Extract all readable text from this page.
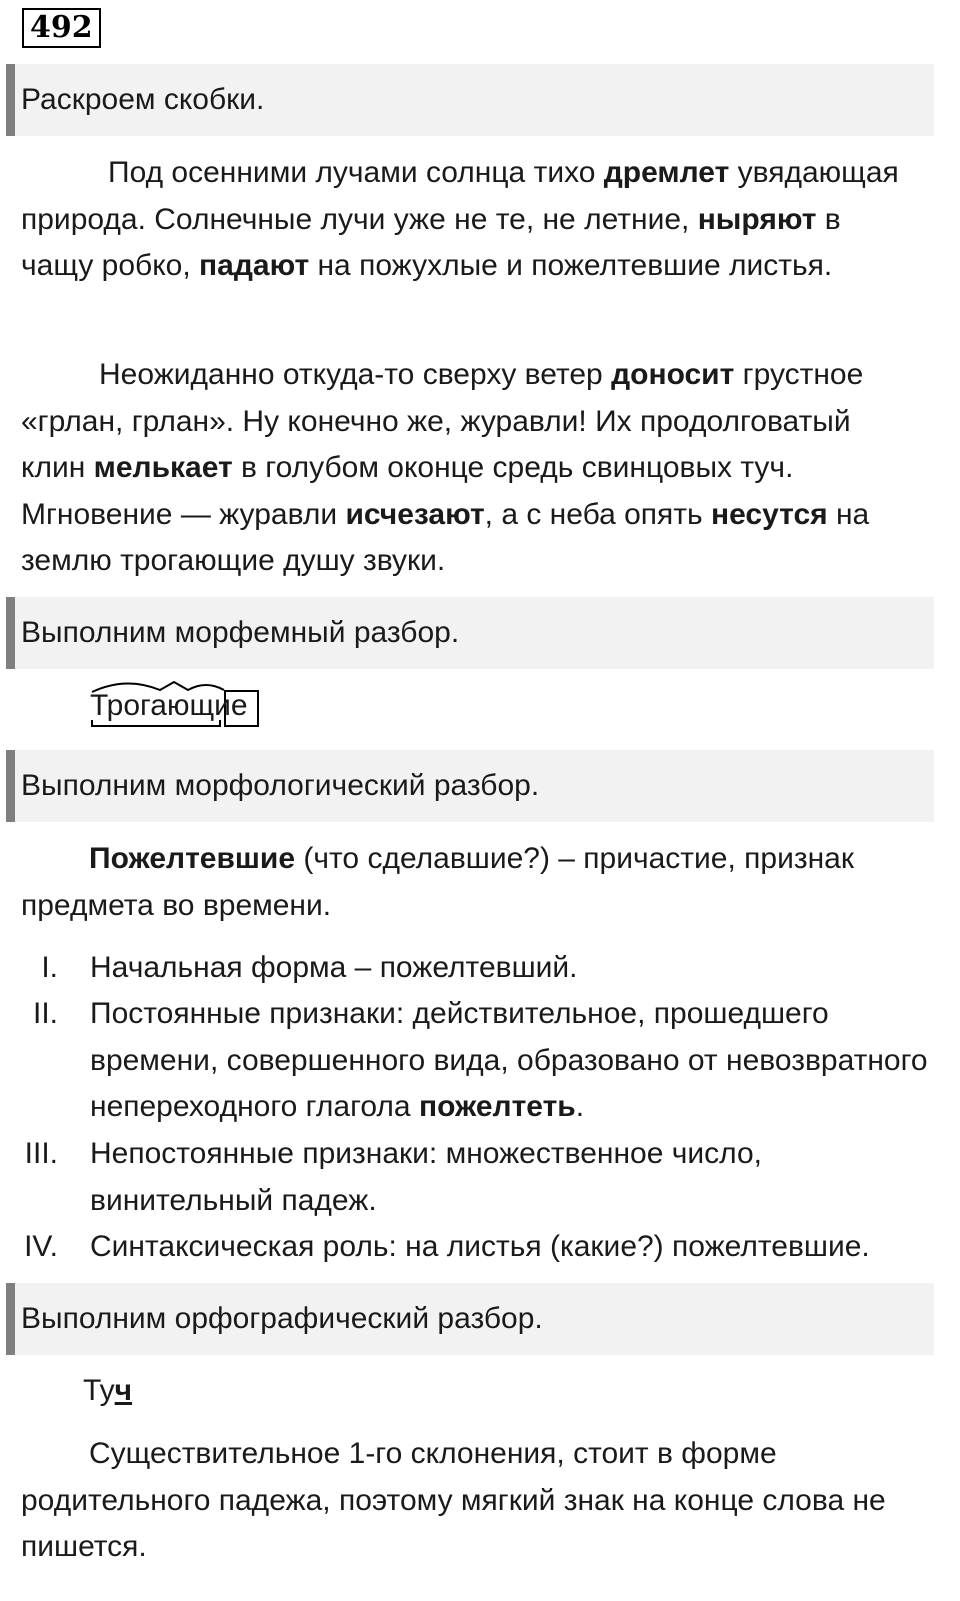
492
Раскроем скобки.

Под осенними лучами солнца тихо дремлет увядающая природа. Солнечные лучи уже не те, не летние, ныряют в чащу робко, падают на пожухлые и пожелтевшие листья.

Неожиданно откуда-то сверху ветер доносит грустное «грлан, грлан». Ну конечно же, журавли! Их продолговатый клин мелькает в голубом оконце средь свинцовых туч. Мгновение — журавли исчезают, а с неба опять несутся на землю трогающие душу звуки.

Выполним морфемный разбор.
Трогающие
Выполним морфологический разбор.

Пожелтевшие (что сделавшие?) – причастие, признак предмета во времени.

I. Начальная форма – пожелтевший.
II. Постоянные признаки: действительное, прошедшего времени, совершенного вида, образовано от невозвратного непереходного глагола пожелтеть.
III. Непостоянные признаки: множественное число, винительный падеж.
IV. Синтаксическая роль: на листья (какие?) пожелтевшие.
Выполним орфографический разбор.
Туч

Существительное 1-го склонения, стоит в форме родительного падежа, поэтому мягкий знак на конце слова не пишется.
